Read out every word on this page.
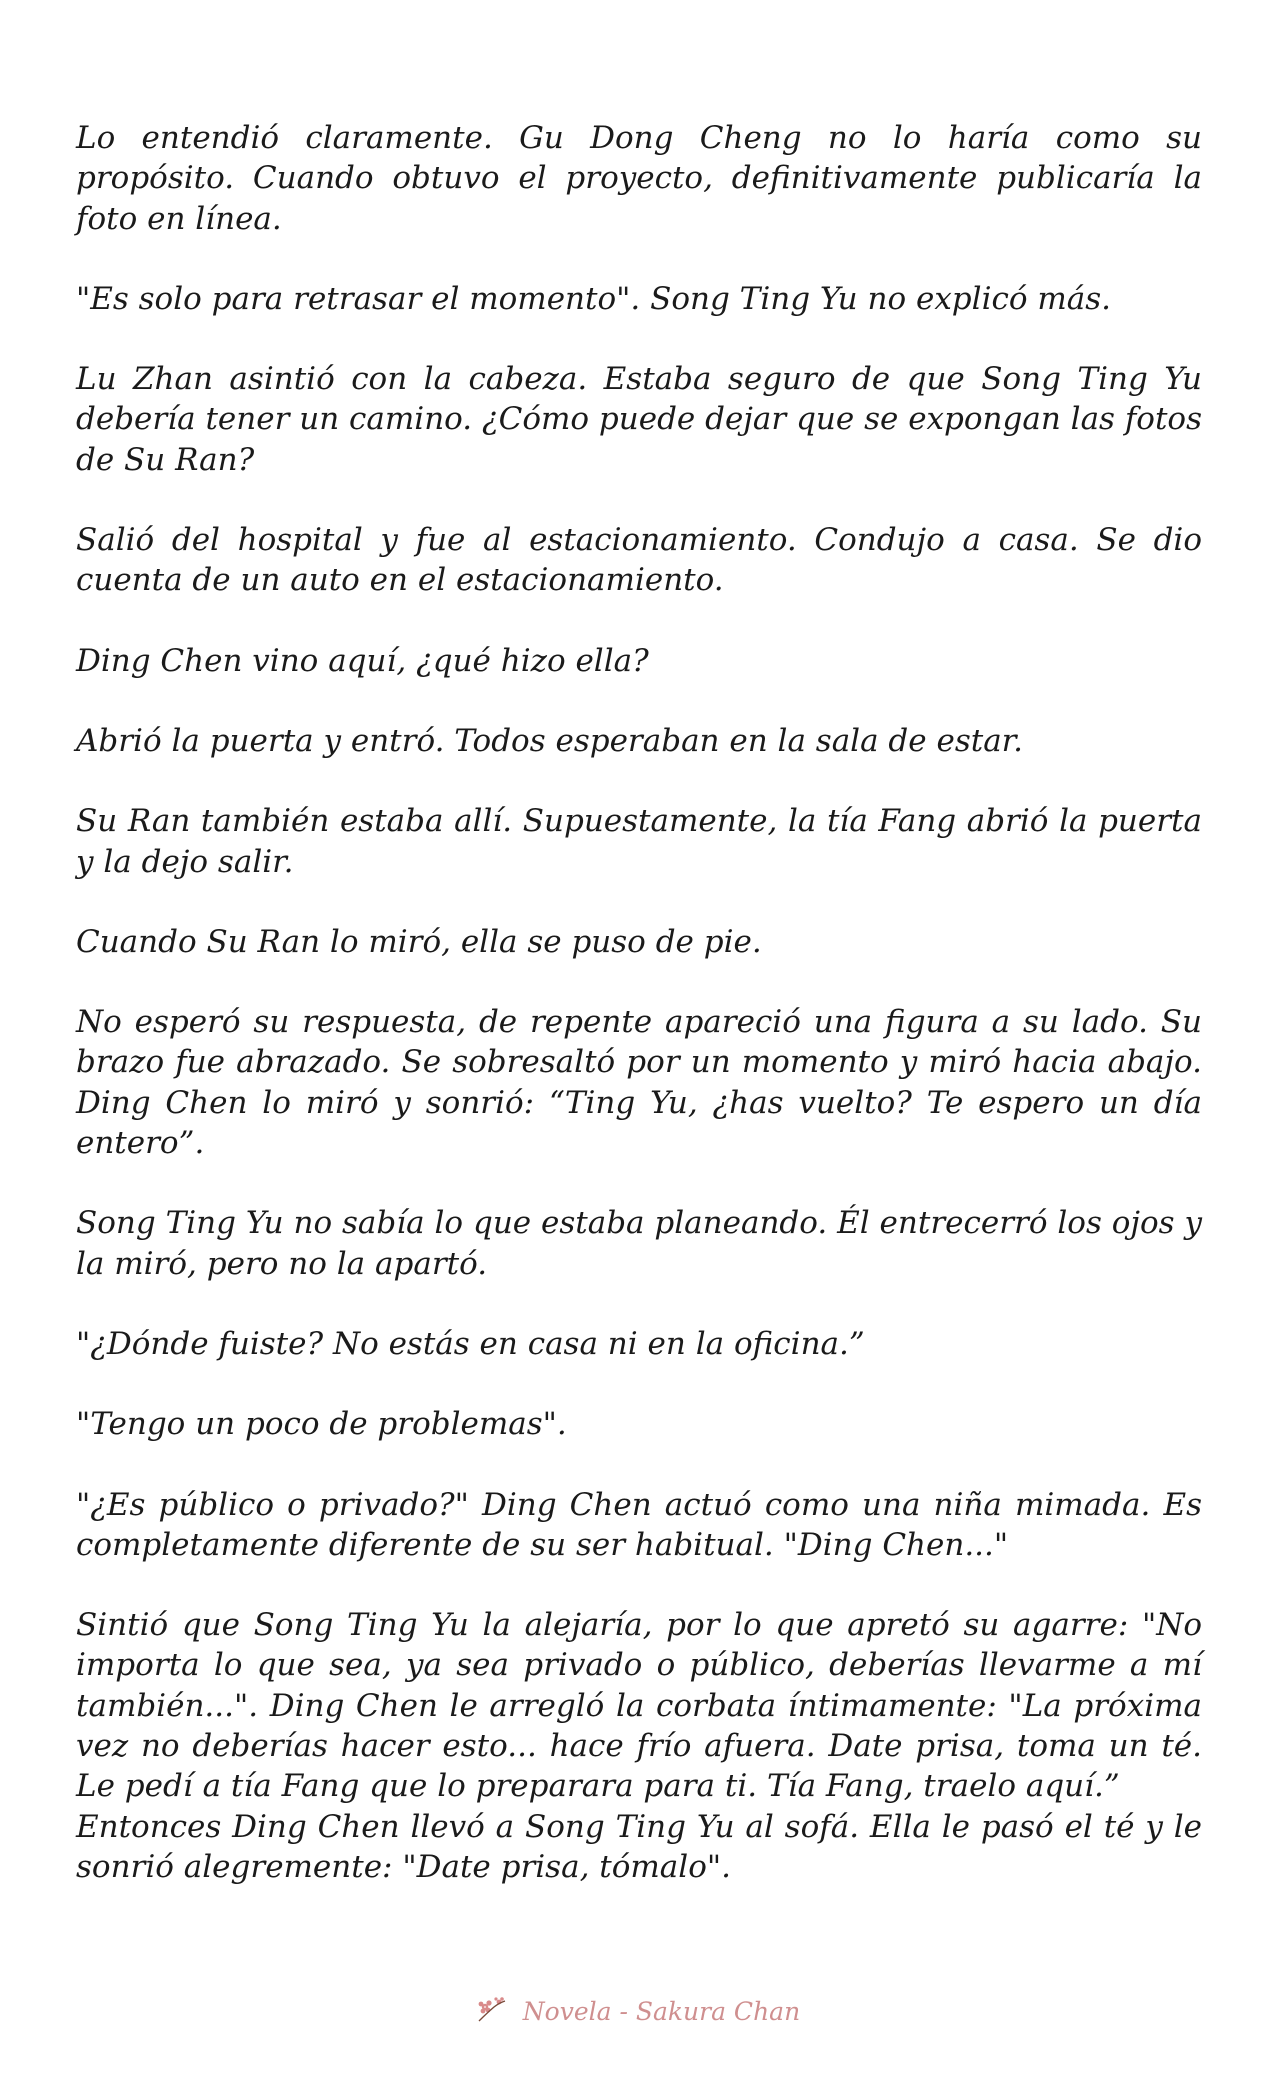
Lo entendió claramente. Gu Dong Cheng no lo haría como su propósito. Cuando obtuvo el proyecto, definitivamente publicaría la foto en línea.

"Es solo para retrasar el momento". Song Ting Yu no explicó más.

Lu Zhan asintió con la cabeza. Estaba seguro de que Song Ting Yu debería tener un camino. ¿Cómo puede dejar que se expongan las fotos de Su Ran?

Salió del hospital y fue al estacionamiento. Condujo a casa. Se dio cuenta de un auto en el estacionamiento.

Ding Chen vino aquí, ¿qué hizo ella?

Abrió la puerta y entró. Todos esperaban en la sala de estar.

Su Ran también estaba allí. Supuestamente, la tía Fang abrió la puerta y la dejo salir.

Cuando Su Ran lo miró, ella se puso de pie.

No esperó su respuesta, de repente apareció una figura a su lado. Su brazo fue abrazado. Se sobresaltó por un momento y miró hacia abajo. Ding Chen lo miró y sonrió: “Ting Yu, ¿has vuelto? Te espero un día entero”.

Song Ting Yu no sabía lo que estaba planeando. Él entrecerró los ojos y la miró, pero no la apartó.

"¿Dónde fuiste? No estás en casa ni en la oficina.”

"Tengo un poco de problemas".

"¿Es público o privado?" Ding Chen actuó como una niña mimada. Es completamente diferente de su ser habitual. "Ding Chen..."

Sintió que Song Ting Yu la alejaría, por lo que apretó su agarre: "No importa lo que sea, ya sea privado o público, deberías llevarme a mí también...". Ding Chen le arregló la corbata íntimamente: "La próxima vez no deberías hacer esto... hace frío afuera. Date prisa, toma un té. Le pedí a tía Fang que lo preparara para ti. Tía Fang, traelo aquí.”

Entonces Ding Chen llevó a Song Ting Yu al sofá. Ella le pasó el té y le sonrió alegremente: "Date prisa, tómalo".

Novela - Sakura Chan
